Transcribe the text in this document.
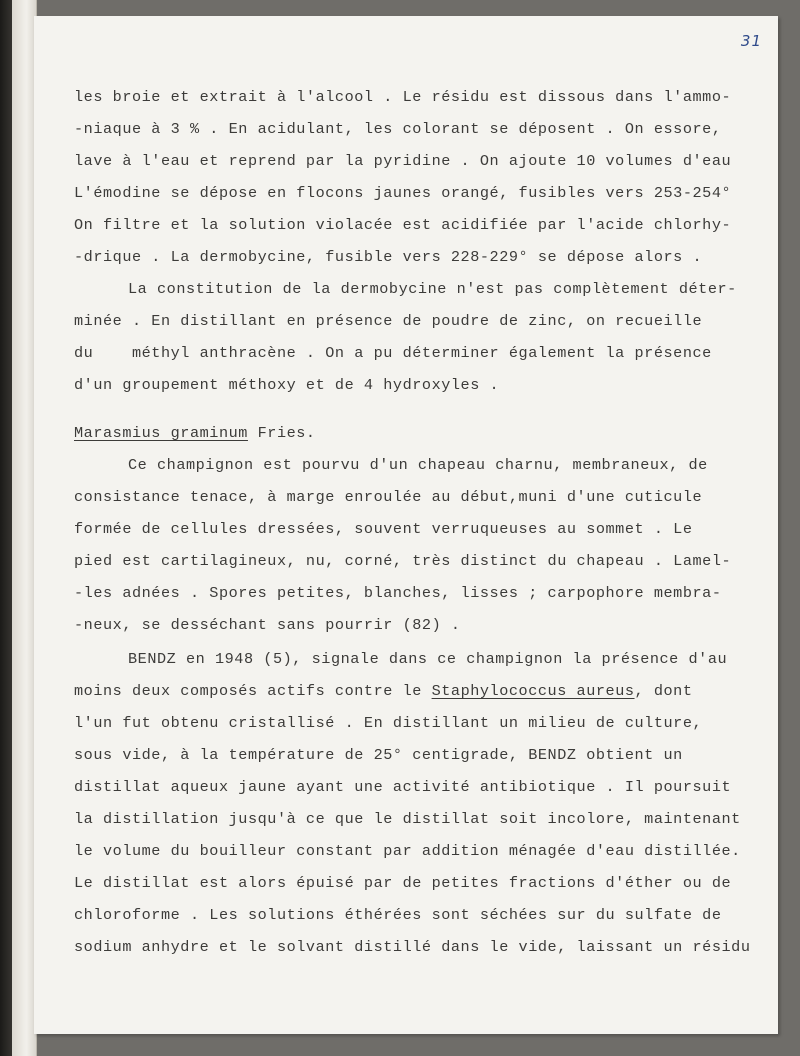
31
les broie et extrait à l'alcool . Le résidu est dissous dans l'ammo-
-niaque à 3 % . En acidulant, les colorant se déposent . On essore,
lave à l'eau et reprend par la pyridine . On ajoute 10 volumes d'eau
L'émodine se dépose en flocons jaunes orangé, fusibles vers 253-254°
On filtre et la solution violacée est acidifiée par l'acide chlorhy-
-drique . La dermobycine, fusible vers 228-229° se dépose alors .
La constitution de la dermobycine n'est pas complètement déter-
minée . En distillant en présence de poudre de zinc, on recueille
du    méthyl anthracène . On a pu déterminer également la présence
d'un groupement méthoxy et de 4 hydroxyles .
Marasmius graminum Fries.
Ce champignon est pourvu d'un chapeau charnu, membraneux, de
consistance tenace, à marge enroulée au début,muni d'une cuticule
formée de cellules dressées, souvent verruqueuses au sommet . Le
pied est cartilagineux, nu, corné, très distinct du chapeau . Lamel-
-les adnées . Spores petites, blanches, lisses ; carpophore membra-
-neux, se desséchant sans pourrir (82) .
BENDZ en 1948 (5), signale dans ce champignon la présence d'au
moins deux composés actifs contre le Staphylococcus aureus, dont
l'un fut obtenu cristallisé . En distillant un milieu de culture,
sous vide, à la température de 25° centigrade, BENDZ obtient un
distillat aqueux jaune ayant une activité antibiotique . Il poursuit
la distillation jusqu'à ce que le distillat soit incolore, maintenant
le volume du bouilleur constant par addition ménagée d'eau distillée.
Le distillat est alors épuisé par de petites fractions d'éther ou de
chloroforme . Les solutions éthérées sont séchées sur du sulfate de
sodium anhydre et le solvant distillé dans le vide, laissant un résidu
